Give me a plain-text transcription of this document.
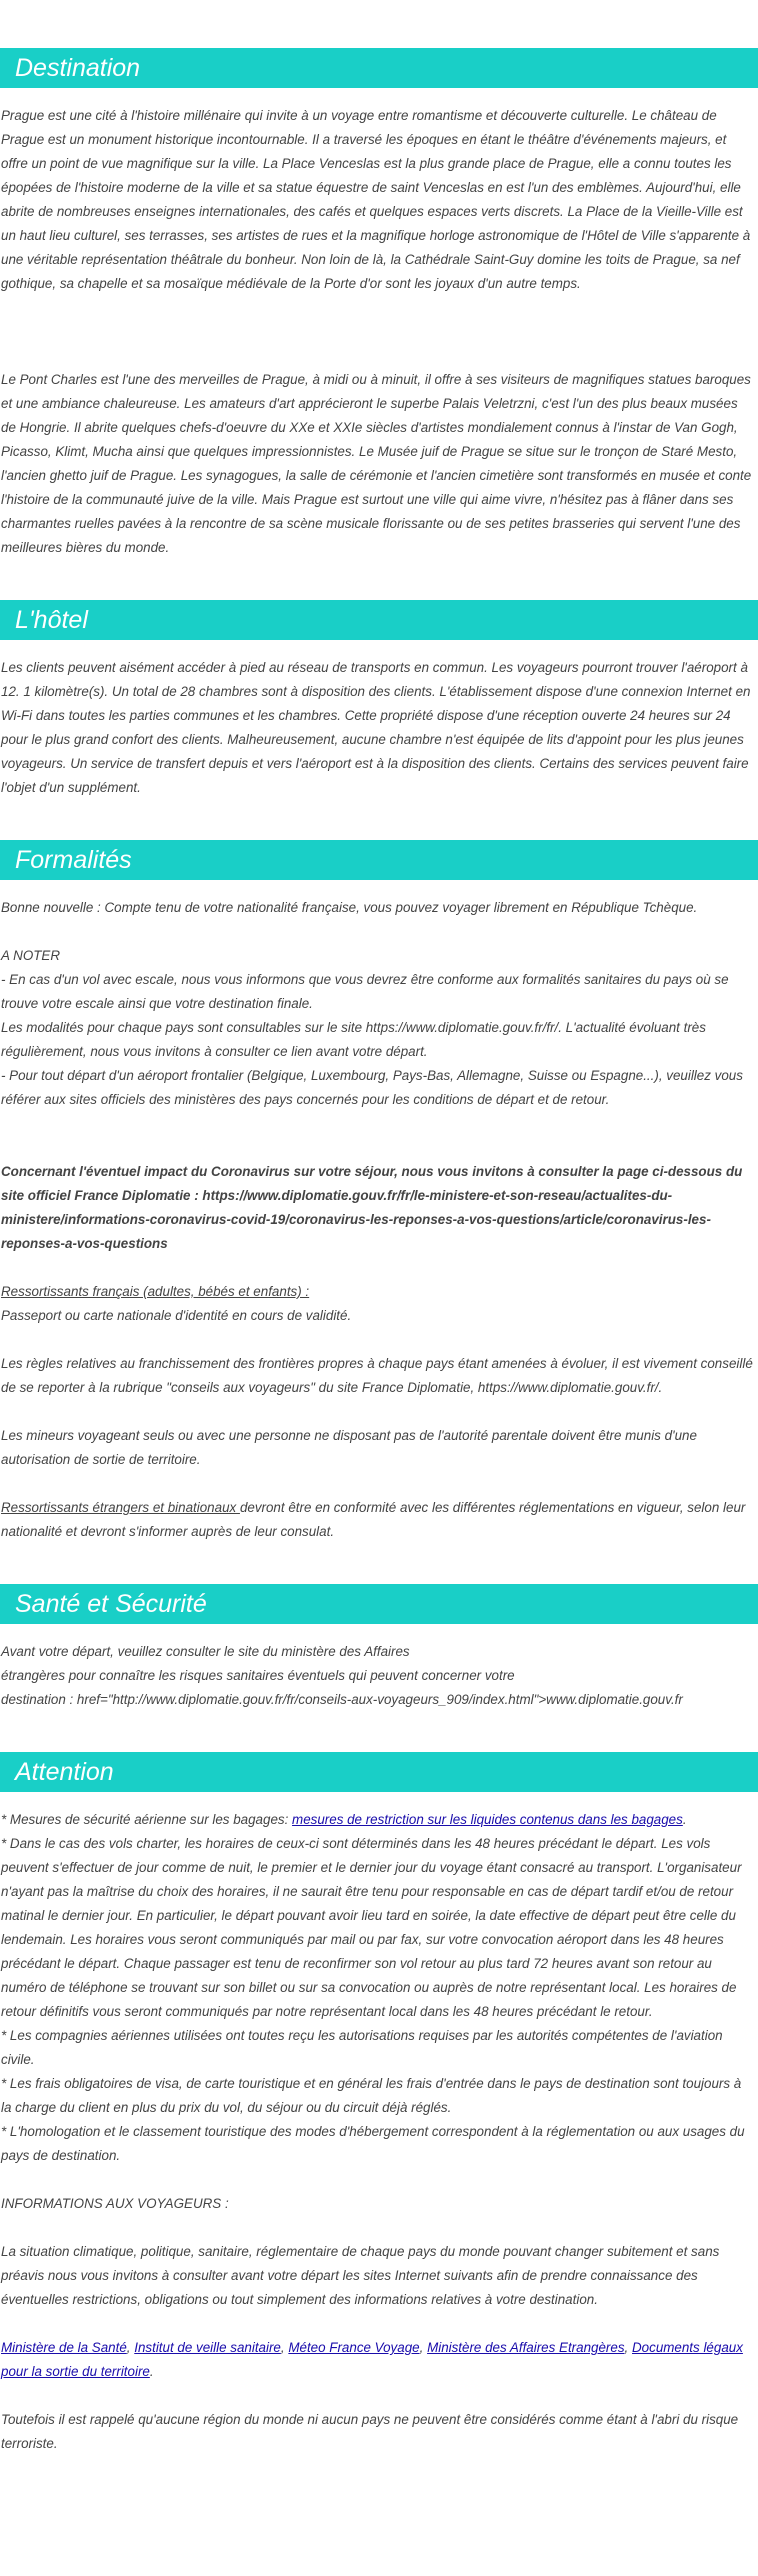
Destination

Prague est une cité à l'histoire millénaire qui invite à un voyage entre romantisme et découverte culturelle. Le château de Prague est un monument historique incontournable. Il a traversé les époques en étant le théâtre d'événements majeurs, et offre un point de vue magnifique sur la ville. La Place Venceslas est la plus grande place de Prague, elle a connu toutes les épopées de l'histoire moderne de la ville et sa statue équestre de saint Venceslas en est l'un des emblèmes. Aujourd'hui, elle abrite de nombreuses enseignes internationales, des cafés et quelques espaces verts discrets. La Place de la Vieille-Ville est un haut lieu culturel, ses terrasses, ses artistes de rues et la magnifique horloge astronomique de l'Hôtel de Ville s'apparente à une véritable représentation théâtrale du bonheur. Non loin de là, la Cathédrale Saint-Guy domine les toits de Prague, sa nef gothique, sa chapelle et sa mosaïque médiévale de la Porte d'or sont les joyaux d'un autre temps.

Le Pont Charles est l'une des merveilles de Prague, à midi ou à minuit, il offre à ses visiteurs de magnifiques statues baroques et une ambiance chaleureuse. Les amateurs d'art apprécieront le superbe Palais Veletrzni, c'est l'un des plus beaux musées de Hongrie. Il abrite quelques chefs-d'oeuvre du XXe et XXIe siècles d'artistes mondialement connus à l'instar de Van Gogh, Picasso, Klimt, Mucha ainsi que quelques impressionnistes. Le Musée juif de Prague se situe sur le tronçon de Staré Mesto, l'ancien ghetto juif de Prague. Les synagogues, la salle de cérémonie et l'ancien cimetière sont transformés en musée et conte l'histoire de la communauté juive de la ville. Mais Prague est surtout une ville qui aime vivre, n'hésitez pas à flâner dans ses charmantes ruelles pavées à la rencontre de sa scène musicale florissante ou de ses petites brasseries qui servent l'une des meilleures bières du monde.

L'hôtel

Les clients peuvent aisément accéder à pied au réseau de transports en commun. Les voyageurs pourront trouver l'aéroport à 12. 1 kilomètre(s). Un total de 28 chambres sont à disposition des clients. L'établissement dispose d'une connexion Internet en Wi-Fi dans toutes les parties communes et les chambres. Cette propriété dispose d'une réception ouverte 24 heures sur 24 pour le plus grand confort des clients. Malheureusement, aucune chambre n'est équipée de lits d'appoint pour les plus jeunes voyageurs. Un service de transfert depuis et vers l'aéroport est à la disposition des clients. Certains des services peuvent faire l'objet d'un supplément.

Formalités

Bonne nouvelle : Compte tenu de votre nationalité française, vous pouvez voyager librement en République Tchèque.

A NOTER

- En cas d'un vol avec escale, nous vous informons que vous devrez être conforme aux formalités sanitaires du pays où se trouve votre escale ainsi que votre destination finale.

Les modalités pour chaque pays sont consultables sur le site https://www.diplomatie.gouv.fr/fr/. L'actualité évoluant très régulièrement, nous vous invitons à consulter ce lien avant votre départ.

- Pour tout départ d'un aéroport frontalier (Belgique, Luxembourg, Pays-Bas, Allemagne, Suisse ou Espagne...), veuillez vous référer aux sites officiels des ministères des pays concernés pour les conditions de départ et de retour.

Concernant l'éventuel impact du Coronavirus sur votre séjour, nous vous invitons à consulter la page ci-dessous du site officiel France Diplomatie : https://www.diplomatie.gouv.fr/fr/le-ministere-et-son-reseau/actualites-du-ministere/informations-coronavirus-covid-19/coronavirus-les-reponses-a-vos-questions/article/coronavirus-les-reponses-a-vos-questions

Ressortissants français (adultes, bébés et enfants) :

Passeport ou carte nationale d'identité en cours de validité.

Les règles relatives au franchissement des frontières propres à chaque pays étant amenées à évoluer, il est vivement conseillé de se reporter à la rubrique "conseils aux voyageurs" du site France Diplomatie, https://www.diplomatie.gouv.fr/.

Les mineurs voyageant seuls ou avec une personne ne disposant pas de l'autorité parentale doivent être munis d'une autorisation de sortie de territoire.

Ressortissants étrangers et binationaux devront être en conformité avec les différentes réglementations en vigueur, selon leur nationalité et devront s'informer auprès de leur consulat.

Santé et Sécurité

Avant votre départ, veuillez consulter le site du ministère des Affaires

étrangères pour connaître les risques sanitaires éventuels qui peuvent concerner votre

destination : href="http://www.diplomatie.gouv.fr/fr/conseils-aux-voyageurs_909/index.html">www.diplomatie.gouv.fr

Attention

* Mesures de sécurité aérienne sur les bagages: mesures de restriction sur les liquides contenus dans les bagages.

* Dans le cas des vols charter, les horaires de ceux-ci sont déterminés dans les 48 heures précédant le départ. Les vols peuvent s'effectuer de jour comme de nuit, le premier et le dernier jour du voyage étant consacré au transport. L'organisateur n'ayant pas la maîtrise du choix des horaires, il ne saurait être tenu pour responsable en cas de départ tardif et/ou de retour matinal le dernier jour. En particulier, le départ pouvant avoir lieu tard en soirée, la date effective de départ peut être celle du lendemain. Les horaires vous seront communiqués par mail ou par fax, sur votre convocation aéroport dans les 48 heures précédant le départ. Chaque passager est tenu de reconfirmer son vol retour au plus tard 72 heures avant son retour au numéro de téléphone se trouvant sur son billet ou sur sa convocation ou auprès de notre représentant local. Les horaires de retour définitifs vous seront communiqués par notre représentant local dans les 48 heures précédant le retour.

* Les compagnies aériennes utilisées ont toutes reçu les autorisations requises par les autorités compétentes de l'aviation civile.

* Les frais obligatoires de visa, de carte touristique et en général les frais d'entrée dans le pays de destination sont toujours à la charge du client en plus du prix du vol, du séjour ou du circuit déjà réglés.

* L'homologation et le classement touristique des modes d'hébergement correspondent à la réglementation ou aux usages du pays de destination.

INFORMATIONS AUX VOYAGEURS :

La situation climatique, politique, sanitaire, réglementaire de chaque pays du monde pouvant changer subitement et sans préavis nous vous invitons à consulter avant votre départ les sites Internet suivants afin de prendre connaissance des éventuelles restrictions, obligations ou tout simplement des informations relatives à votre destination.

Ministère de la Santé, Institut de veille sanitaire, Méteo France Voyage, Ministère des Affaires Etrangères, Documents légaux pour la sortie du territoire.

Toutefois il est rappelé qu'aucune région du monde ni aucun pays ne peuvent être considérés comme étant à l'abri du risque terroriste.
